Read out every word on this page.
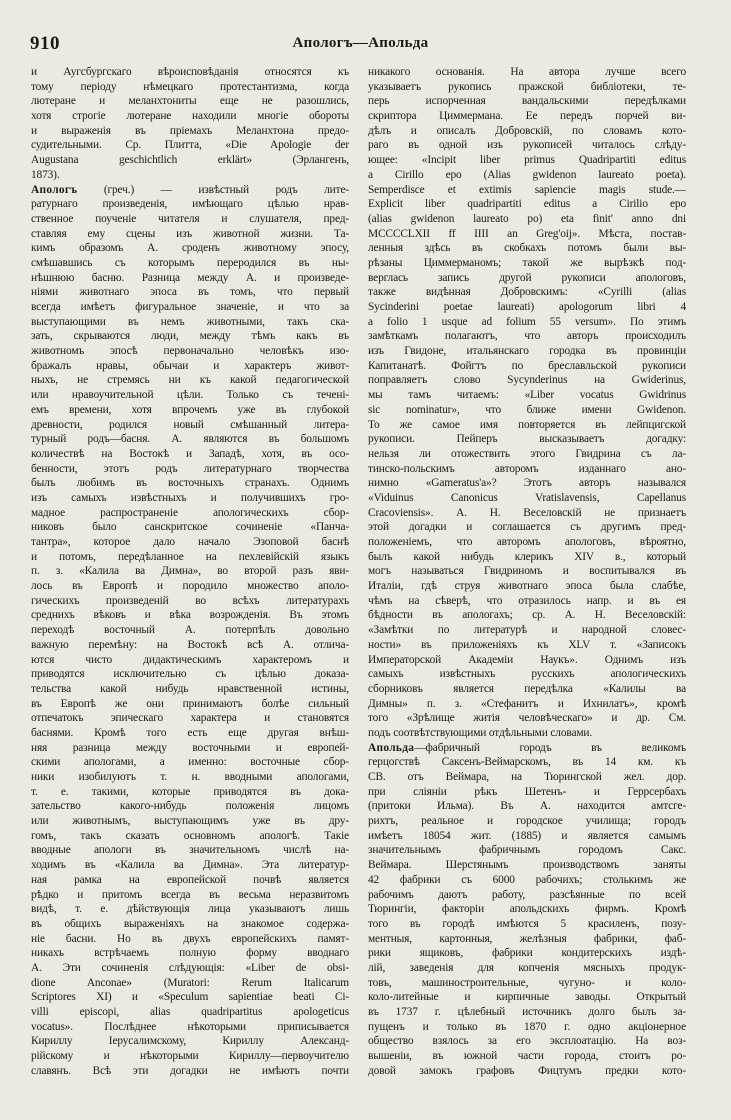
910	Апологъ—Апольда
и Аугсбургскаго вѣроисповѣданія относятся къ
тому періоду нѣмецкаго протестантизма, когда
лютеране и меланхтониты еще не разошлись,
хотя строгіе лютеране находили многіе обороты
и выраженія въ пріемахъ Меланхтона предо-
судительными. Ср. Плитта, «Die Apologie der
Augustana geschichtlich erklärt» (Эрлангенъ,
1873).
Апологъ (греч.) — извѣстный родъ лите-
ратурнаго произведенія, имѣющаго цѣлью нрав-
ственное поученіе читателя и слушателя, пред-
ставляя ему сцены изъ животной жизни. Та-
кимъ образомъ А. сроденъ животному эпосу,
смѣшавшись съ которымъ переродился въ ны-
нѣшнюю басню. Разница между А. и произведе-
ніями животнаго эпоса въ томъ, что первый
всегда имѣетъ фигуральное значеніе, и что за
выступающими въ немъ животными, такъ ска-
зать, скрываются люди, между тѣмъ какъ въ
животномъ эпосѣ первоначально человѣкъ изо-
бражалъ нравы, обычаи и характеръ живот-
ныхъ, не стремясь ни къ какой педагогической
или нравоучительной цѣли. Только съ течені-
емъ времени, хотя впрочемъ уже въ глубокой
древности, родился новый смѣшанный литера-
турный родъ—басня. А. являются въ большомъ
количествѣ на Востокѣ и Западѣ, хотя, въ осо-
бенности, этотъ родъ литературнаго творчества
былъ любимъ въ восточныхъ странахъ. Однимъ
изъ самыхъ извѣстныхъ и получившихъ гро-
мадное распространеніе апологическихъ сбор-
никовъ было санскритское сочиненіе «Панча-
тантра», которое дало начало Эзоповой баснѣ
и потомъ, передѣланное на пехлевійскій языкъ
п. з. «Калила ва Димна», во второй разъ яви-
лось въ Европѣ и породило множество аполо-
гическихъ произведеній во всѣхъ литературахъ
среднихъ вѣковъ и вѣка возрожденія. Въ этомъ
переходѣ восточный А. потерпѣлъ довольно
важную перемѣну: на Востокѣ всѣ А. отлича-
ются чисто дидактическимъ характеромъ и
приводятся исключительно съ цѣлью доказа-
тельства какой нибудь нравственной истины,
въ Европѣ же они принимаютъ болѣе сильный
отпечатокъ эпическаго характера и становятся
баснями. Кромѣ того есть еще другая внѣш-
няя разница между восточными и европей-
скими апологами, а именно: восточные сбор-
ники изобилуютъ т. н. вводными апологами,
т. е. такими, которые приводятся въ дока-
зательство какого-нибудь положенія лицомъ
или животнымъ, выступающимъ уже въ дру-
гомъ, такъ сказать основномъ апологѣ. Такіе
вводные апологи въ значительномъ числѣ на-
ходимъ въ «Калила ва Димна». Эта литератур-
ная рамка на европейской почвѣ является
рѣдко и притомъ всегда въ весьма неразвитомъ
видѣ, т. е. дѣйствующія лица указываютъ лишь
въ общихъ выраженіяхъ на знакомое содержа-
ніе басни. Но въ двухъ европейскихъ памят-
никахъ встрѣчаемъ полную форму вводнаго
А. Эти сочиненія слѣдующія: «Liber de obsi-
dione Anconae» (Muratori: Rerum Italicarum
Scriptores XI) и «Speculum sapientiae beati Ci-
villi episcopi, alias quadripartitus apologeticus
vocatus». Послѣднее нѣкоторыми приписывается
Кириллу Іерусалимскому, Кириллу Александ-
рійскому и нѣкоторыми Кириллу—первоучителю
славянъ. Всѣ эти догадки не имѣютъ почти
никакого основанія. На автора лучше всего
указываетъ рукопись пражской библіотеки, те-
перь испорченная вандальскими передѣлками
скриптора Циммермана. Ее передъ порчей ви-
дѣлъ и описалъ Добровскій, по словамъ кото-
раго въ одной изъ рукописей читалось слѣду-
ющее: «Incipit liber primus Quadripartiti editus
a Cirillo epo (Alias gwidenon laureato poeta).
Semperdisce et extimis sapiencie magis stude.—
Explicit liber quadripartiti editus a Cirilio epo
(alias gwidenon laureato po) eta finit' anno dni
MCCCCLXII ff IIII an Greg'oij». Мѣста, постав-
ленныя здѣсь въ скобкахъ потомъ были вы-
рѣзаны Циммерманомъ; такой же вырѣзкѣ под-
верглась запись другой рукописи апологовъ,
также видѣнная Добровскимъ: «Cyrilli (alias
Sycinderini poetae laureati) apologorum libri 4
a folio 1 usque ad folium 55 versum». По этимъ
замѣткамъ полагаютъ, что авторъ происходилъ
изъ Гвидоне, итальянскаго городка въ провинціи
Капитанатѣ. Фойгтъ по бреславльской рукописи
поправляетъ слово Sycynderinus на Gwiderinus,
мы тамъ читаемъ: «Liber vocatus Gwidrinus
sic nominatur», что ближе имени Gwidenon.
То же самое имя повторяется въ лейпцигской
рукописи. Пейперъ высказываетъ догадку:
нельзя ли отожествить этого Гвидрина съ ла-
тинско-польскимъ авторомъ изданнаго ано-
нимно «Gameratus'a»? Этотъ авторъ назывался
«Viduinus Canonicus Vratislavensis, Capellanus
Cracoviensis». А. Н. Веселовскій не признаетъ
этой догадки и соглашается съ другимъ пред-
положеніемъ, что авторомъ апологовъ, вѣроятно,
былъ какой нибудь клерикъ XIV в., который
могъ называться Гвидриномъ и воспитывался въ
Италіи, гдѣ струя животнаго эпоса была слабѣе,
чѣмъ на сѣверѣ, что отразилось напр. и въ ея
бѣдности въ апологахъ; ср. А. Н. Веселовскій:
«Замѣтки по литературѣ и народной словес-
ности» въ приложеніяхъ къ XLV т. «Записокъ
Императорской Академіи Наукъ». Однимъ изъ
самыхъ извѣстныхъ русскихъ апологическихъ
сборниковъ является передѣлка «Калилы ва
Димны» п. з. «Стефанитъ и Ихнилатъ», кромѣ
того «Зрѣлище житія человѣческаго» и др. См.
подъ соотвѣтствующими отдѣльными словами.
Апольда—фабричный городъ въ великомъ
герцогствѣ Саксенъ-Веймарскомъ, въ 14 км. къ
СВ. отъ Веймара, на Тюрингской жел. дор.
при сліяніи рѣкъ Шетенъ- и Геррсербахъ
(притоки Ильма). Въ А. находится амтсге-
рихтъ, реальное и городское училища; городъ
имѣетъ 18054 жит. (1885) и является самымъ
значительнымъ фабричнымъ городомъ Сакс.
Веймара. Шерстянымъ производствомъ заняты
42 фабрики съ 6000 рабочихъ; столькимъ же
рабочимъ даютъ работу, разсѣянные по всей
Тюрингіи, факторіи апольдскихъ фирмъ. Кромѣ
того въ городѣ имѣются 5 красиленъ, позу-
ментныя, картонныя, желѣзныя фабрики, фаб-
рики ящиковъ, фабрики кондитерскихъ издѣ-
лій, заведенія для копченія мясныхъ продук-
товъ, машиностроительные, чугуно- и коло-
коло-литейные и кирпичные заводы. Открытый
въ 1737 г. цѣлебный источникъ долго былъ за-
пущенъ и только въ 1870 г. одно акціонерное
общество взялось за его эксплоатацію. На воз-
вышеніи, въ южной части города, стоитъ ро-
довой замокъ графовъ Фицтумъ предки кото-
